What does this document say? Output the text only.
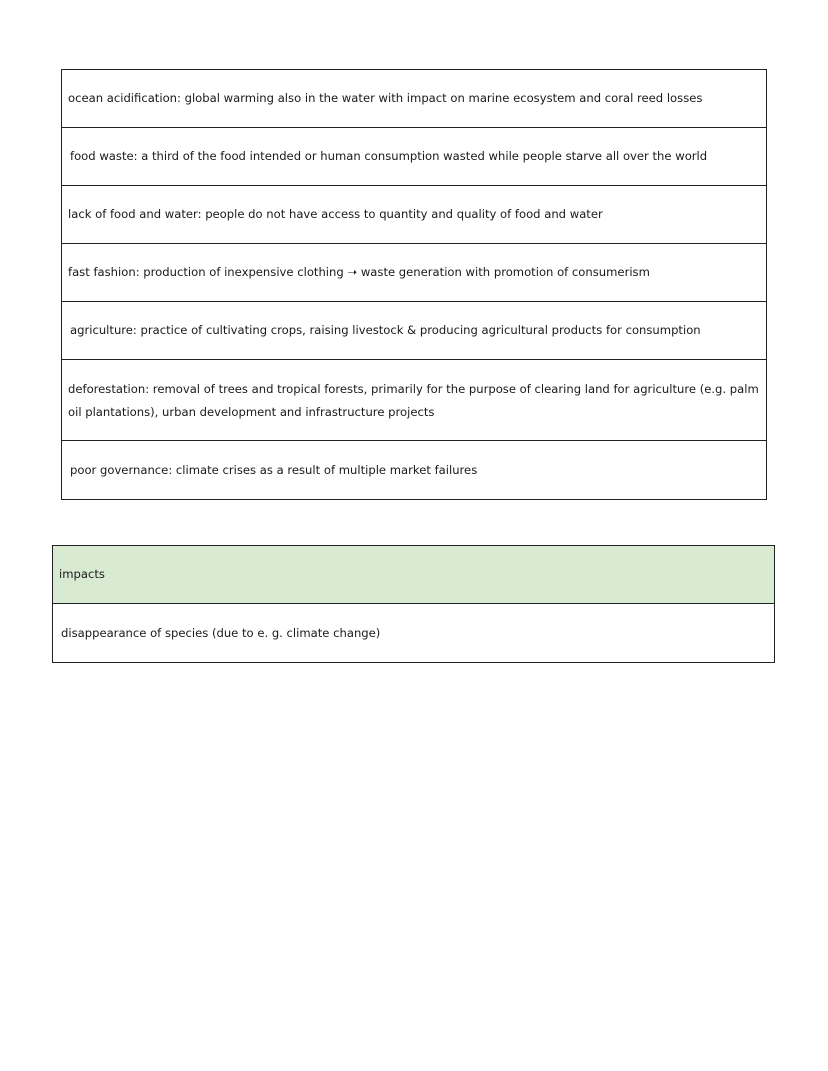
ocean acidification: global warming also in the water with impact on marine ecosystem and coral reed losses
food waste: a third of the food intended or human consumption wasted while people starve all over the world
lack of food and water: people do not have access to quantity and quality of food and water
fast fashion: production of inexpensive clothing ➝ waste generation with promotion of consumerism
agriculture: practice of cultivating crops, raising livestock & producing agricultural products for consumption
deforestation: removal of trees and tropical forests, primarily for the purpose of clearing land for agriculture (e.g. palm oil plantations), urban development and infrastructure projects
poor governance: climate crises as a result of multiple market failures
impacts
disappearance of species (due to e. g. climate change)
